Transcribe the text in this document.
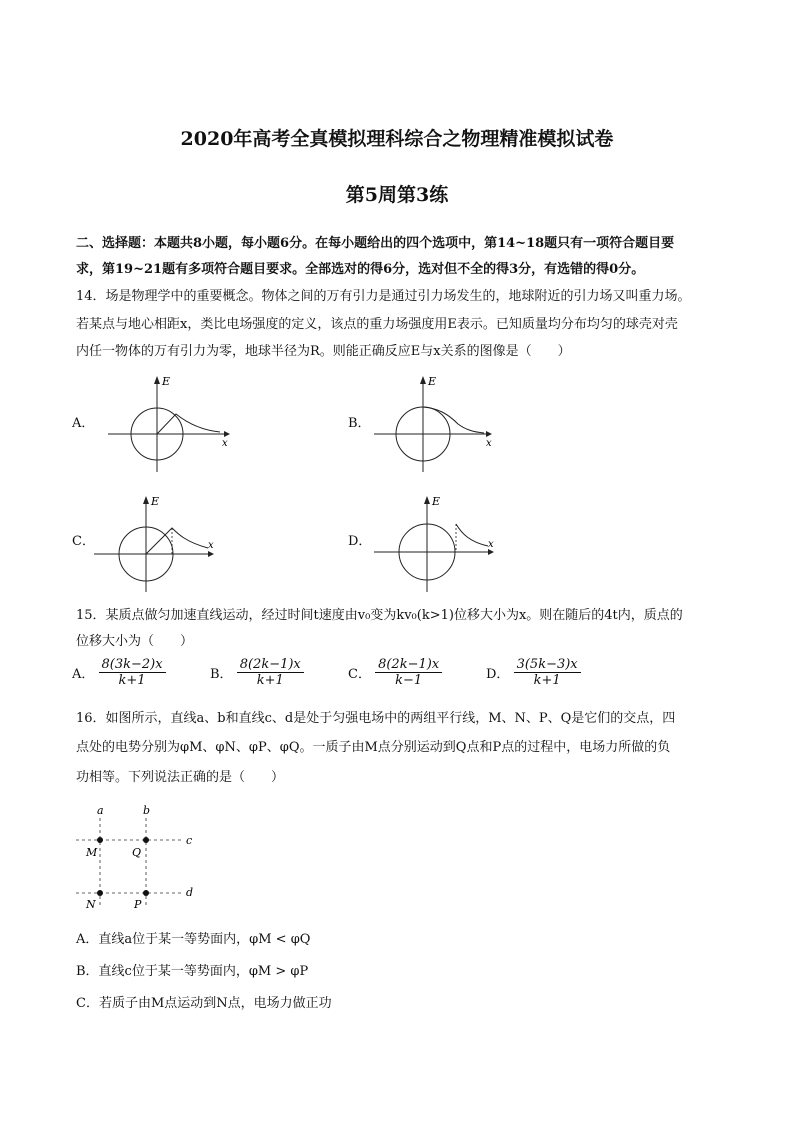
2020年高考全真模拟理科综合之物理精准模拟试卷
第5周第3练
二、选择题：本题共8小题，每小题6分。在每小题给出的四个选项中，第14~18题只有一项符合题目要
求，第19~21题有多项符合题目要求。全部选对的得6分，选对但不全的得3分，有选错的得0分。
14．场是物理学中的重要概念。物体之间的万有引力是通过引力场发生的，地球附近的引力场又叫重力场。
若某点与地心相距x，类比电场强度的定义，该点的重力场强度用E表示。已知质量均分布均匀的球壳对壳
内任一物体的万有引力为零，地球半径为R。则能正确反应E与x关系的图像是（　　）
A．	B．
C．	D．
E
x
E
x
E
x
E
x
15．某质点做匀加速直线运动，经过时间t速度由v₀变为kv₀(k>1)位移大小为x。则在随后的4t内，质点的
位移大小为（　　）
A． $\frac{8(3k-2)x}{k+1}$	B． $\frac{8(2k-1)x}{k+1}$	C． $\frac{8(2k-1)x}{k-1}$	D． $\frac{3(5k-3)x}{k+1}$
16．如图所示，直线a、b和直线c、d是处于匀强电场中的两组平行线，M、N、P、Q是它们的交点，四
点处的电势分别为φM、φN、φP、φQ。一质子由M点分别运动到Q点和P点的过程中，电场力所做的负
功相等。下列说法正确的是（　　）
a	b
c
d
M	Q
N	P
A．直线a位于某一等势面内，φM < φQ
B．直线c位于某一等势面内，φM > φP
C．若质子由M点运动到N点，电场力做正功
